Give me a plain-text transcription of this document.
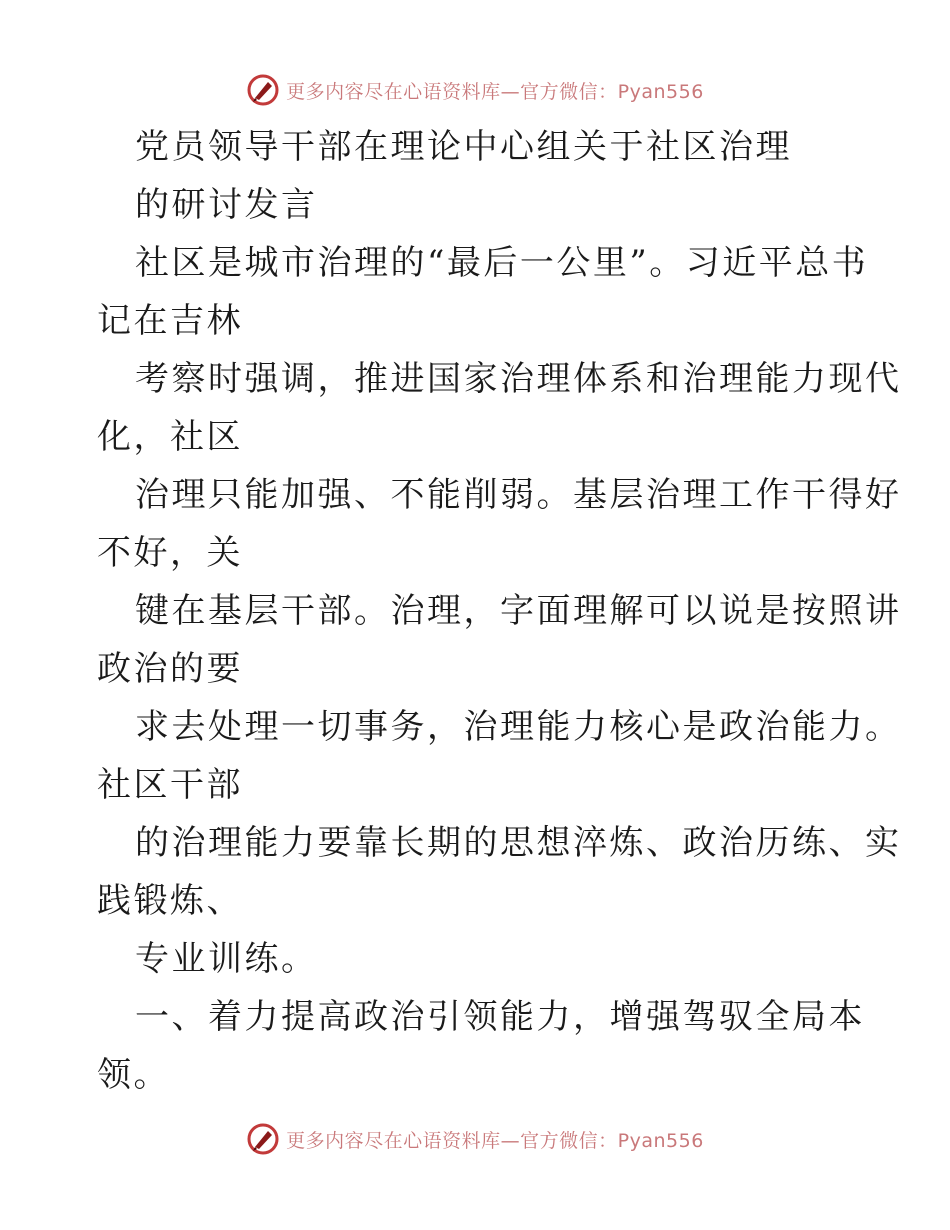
更多内容尽在心语资料库—官方微信：Pyan556
党员领导干部在理论中心组关于社区治理
的研讨发言
社区是城市治理的“最后一公里”。习近平总书
记在吉林
考察时强调，推进国家治理体系和治理能力现代
化，社区
治理只能加强、不能削弱。基层治理工作干得好
不好，关
键在基层干部。治理，字面理解可以说是按照讲
政治的要
求去处理一切事务，治理能力核心是政治能力。
社区干部
的治理能力要靠长期的思想淬炼、政治历练、实
践锻炼、
专业训练。
一、着力提高政治引领能力，增强驾驭全局本
领。
更多内容尽在心语资料库—官方微信：Pyan556
